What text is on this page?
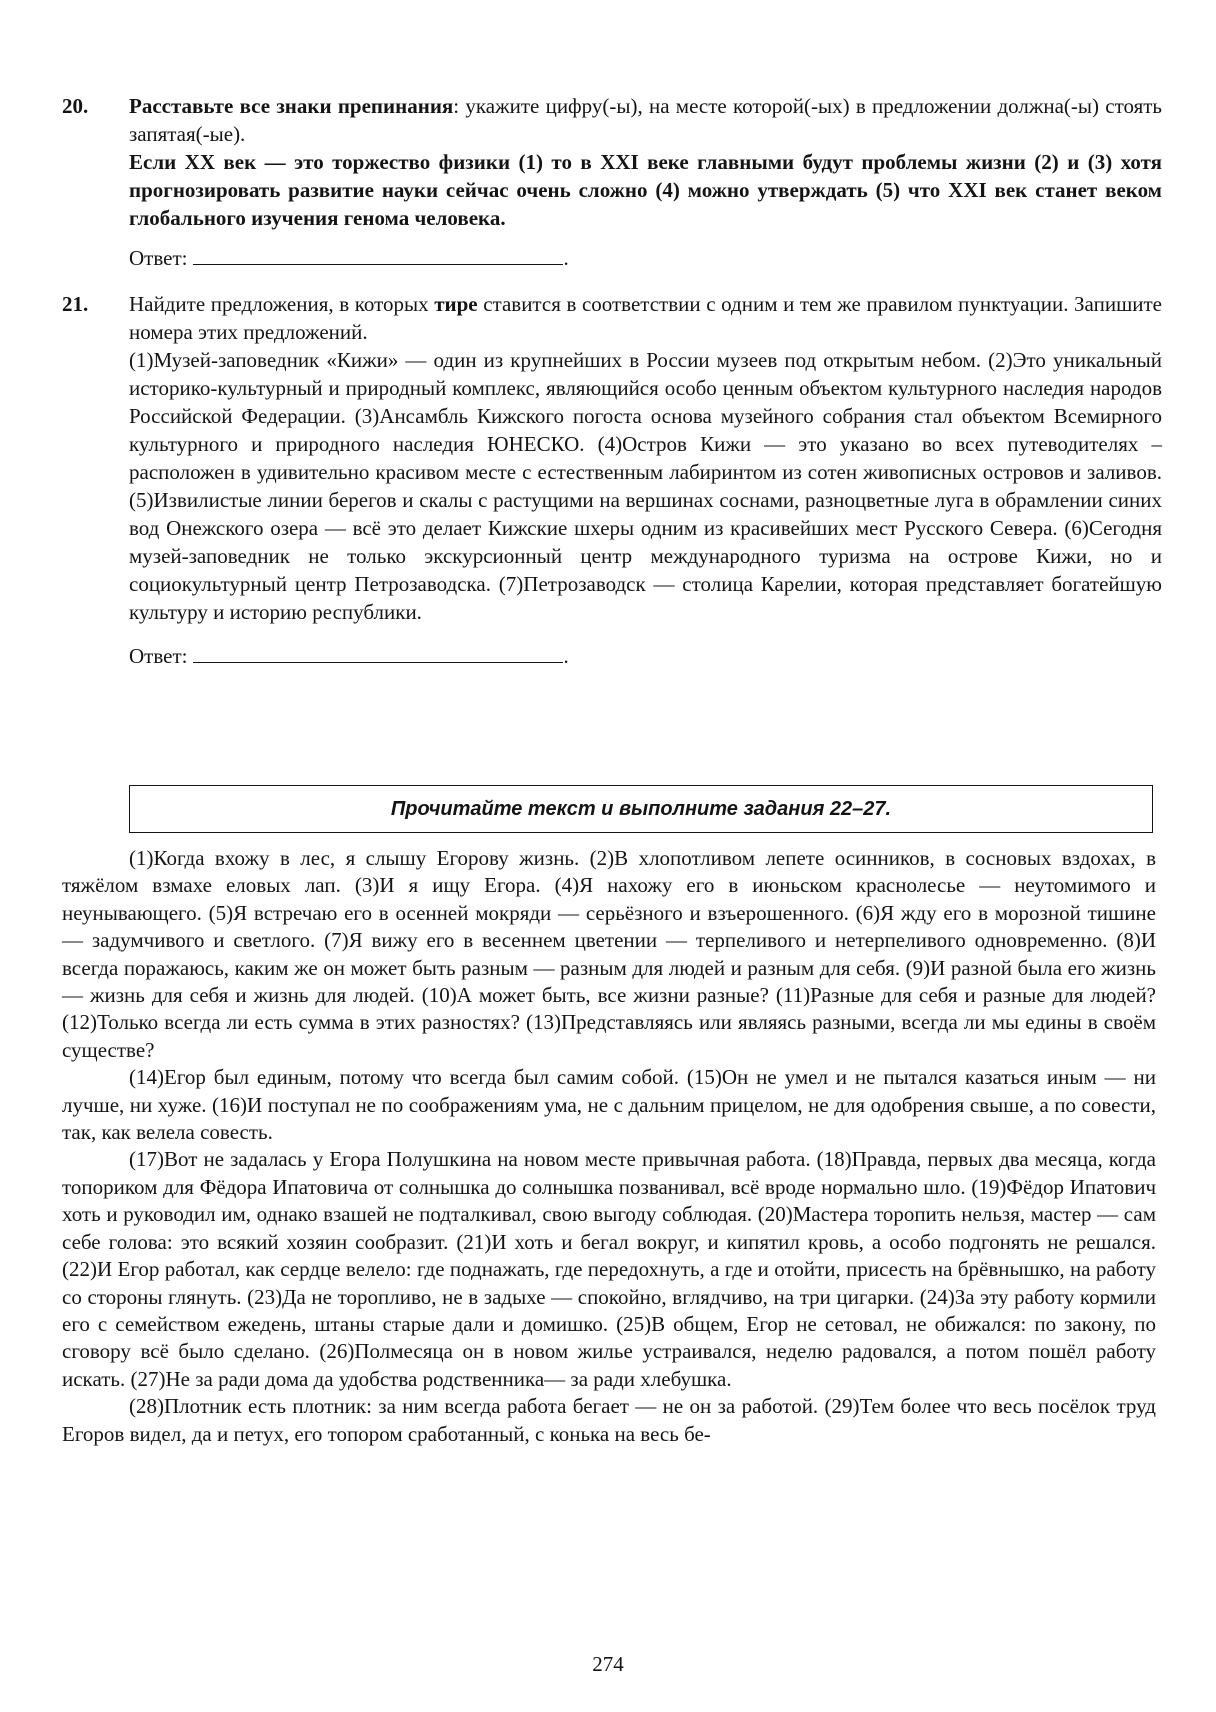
20. Расставьте все знаки препинания: укажите цифру(-ы), на месте которой(-ых) в предложении должна(-ы) стоять запятая(-ые).

Если XX век — это торжество физики (1) то в XXI веке главными будут проблемы жизни (2) и (3) хотя прогнозировать развитие науки сейчас очень сложно (4) можно утверждать (5) что XXI век станет веком глобального изучения генома человека.

Ответ:	.
21. Найдите предложения, в которых тире ставится в соответствии с одним и тем же правилом пунктуации. Запишите номера этих предложений.

(1)Музей-заповедник «Кижи» — один из крупнейших в России музеев под открытым небом. (2)Это уникальный историко-культурный и природный комплекс, являющийся особо ценным объектом культурного наследия народов Российской Федерации. (3)Ансамбль Кижского погоста основа музейного собрания стал объектом Всемирного культурного и природного наследия ЮНЕСКО. (4)Остров Кижи — это указано во всех путеводителях – расположен в удивительно красивом месте с естественным лабиринтом из сотен живописных островов и заливов. (5)Извилистые линии берегов и скалы с растущими на вершинах соснами, разноцветные луга в обрамлении синих вод Онежского озера — всё это делает Кижские шхеры одним из красивейших мест Русского Севера. (6)Сегодня музей-заповедник не только экскурсионный центр международного туризма на острове Кижи, но и социокультурный центр Петрозаводска. (7)Петрозаводск — столица Карелии, которая представляет богатейшую культуру и историю республики.

Ответ:	.
Прочитайте текст и выполните задания 22–27.

(1)Когда вхожу в лес, я слышу Егорову жизнь. (2)В хлопотливом лепете осинников, в сосновых вздохах, в тяжёлом взмахе еловых лап. (3)И я ищу Егора. (4)Я нахожу его в июньском краснолесье — неутомимого и неунывающего. (5)Я встречаю его в осенней мокряди — серьёзного и взъерошенного. (6)Я жду его в морозной тишине — задумчивого и светлого. (7)Я вижу его в весеннем цветении — терпеливого и нетерпеливого одновременно. (8)И всегда поражаюсь, каким же он может быть разным — разным для людей и разным для себя. (9)И разной была его жизнь — жизнь для себя и жизнь для людей. (10)А может быть, все жизни разные? (11)Разные для себя и разные для людей? (12)Только всегда ли есть сумма в этих разностях? (13)Представляясь или являясь разными, всегда ли мы едины в своём существе?

(14)Егор был единым, потому что всегда был самим собой. (15)Он не умел и не пытался казаться иным — ни лучше, ни хуже. (16)И поступал не по соображениям ума, не с дальним прицелом, не для одобрения свыше, а по совести, так, как велела совесть.

(17)Вот не задалась у Егора Полушкина на новом месте привычная работа. (18)Правда, первых два месяца, когда топориком для Фёдора Ипатовича от солнышка до солнышка позванивал, всё вроде нормально шло. (19)Фёдор Ипатович хоть и руководил им, однако взашей не подталкивал, свою выгоду соблюдая. (20)Мастера торопить нельзя, мастер — сам себе голова: это всякий хозяин сообразит. (21)И хоть и бегал вокруг, и кипятил кровь, а особо подгонять не решался. (22)И Егор работал, как сердце велело: где поднажать, где передохнуть, а где и отойти, присесть на брёвнышко, на работу со стороны глянуть. (23)Да не торопливо, не в задыхе — спокойно, вглядчиво, на три цигарки. (24)За эту работу кормили его с семейством ежедень, штаны старые дали и домишко. (25)В общем, Егор не сетовал, не обижался: по закону, по сговору всё было сделано. (26)Полмесяца он в новом жилье устраивался, неделю радовался, а потом пошёл работу искать. (27)Не за ради дома да удобства родственника— за ради хлебушка.

(28)Плотник есть плотник: за ним всегда работа бегает — не он за работой. (29)Тем более что весь посёлок труд Егоров видел, да и петух, его топором сработанный, с конька на весь бе-

274
